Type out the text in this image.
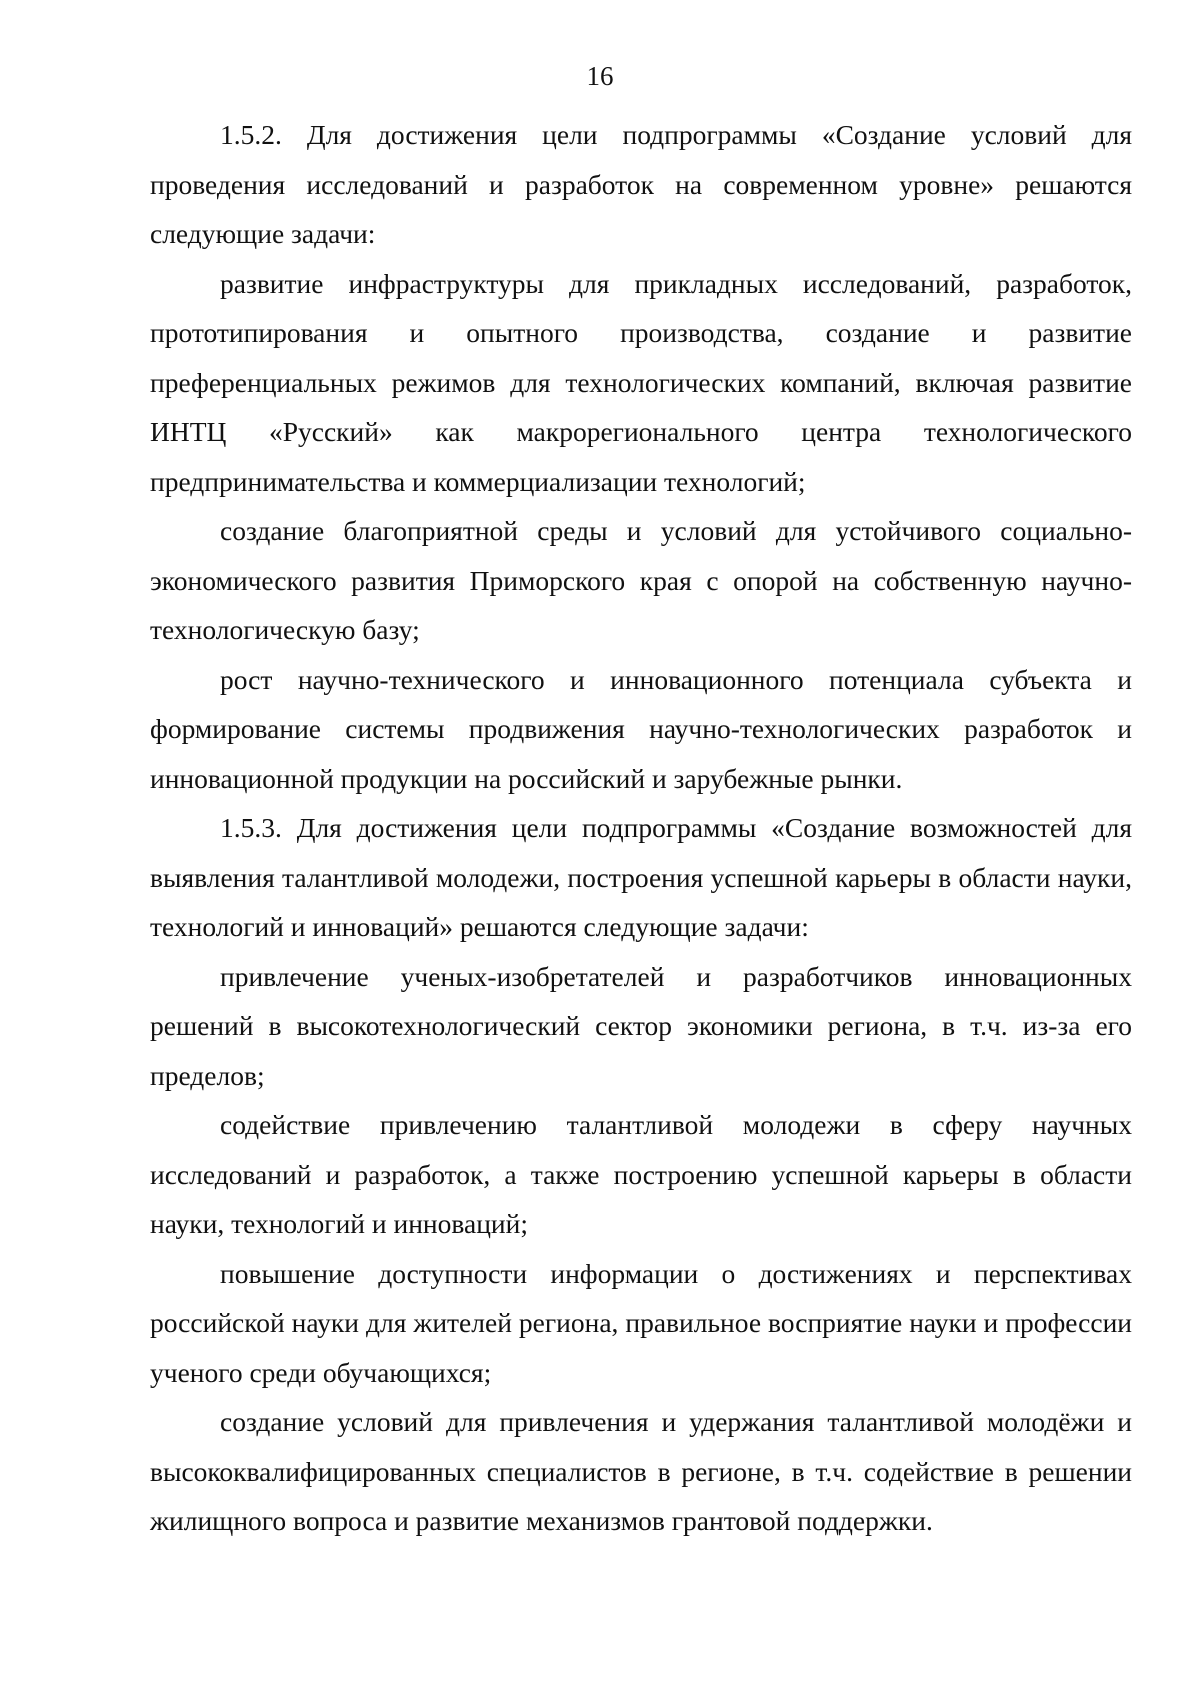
16

1.5.2. Для достижения цели подпрограммы «Создание условий для проведения исследований и разработок на современном уровне» решаются следующие задачи:

развитие инфраструктуры для прикладных исследований, разработок, прототипирования и опытного производства, создание и развитие преференциальных режимов для технологических компаний, включая развитие ИНТЦ «Русский» как макрорегионального центра технологического предпринимательства и коммерциализации технологий;

создание благоприятной среды и условий для устойчивого социально-экономического развития Приморского края с опорой на собственную научно-технологическую базу;

рост научно-технического и инновационного потенциала субъекта и формирование системы продвижения научно-технологических разработок и инновационной продукции на российский и зарубежные рынки.

1.5.3. Для достижения цели подпрограммы «Создание возможностей для выявления талантливой молодежи, построения успешной карьеры в области науки, технологий и инноваций» решаются следующие задачи:

привлечение ученых-изобретателей и разработчиков инновационных решений в высокотехнологический сектор экономики региона, в т.ч. из-за его пределов;

содействие привлечению талантливой молодежи в сферу научных исследований и разработок, а также построению успешной карьеры в области науки, технологий и инноваций;

повышение доступности информации о достижениях и перспективах российской науки для жителей региона, правильное восприятие науки и профессии ученого среди обучающихся;

создание условий для привлечения и удержания талантливой молодёжи и высококвалифицированных специалистов в регионе, в т.ч. содействие в решении жилищного вопроса и развитие механизмов грантовой поддержки.
